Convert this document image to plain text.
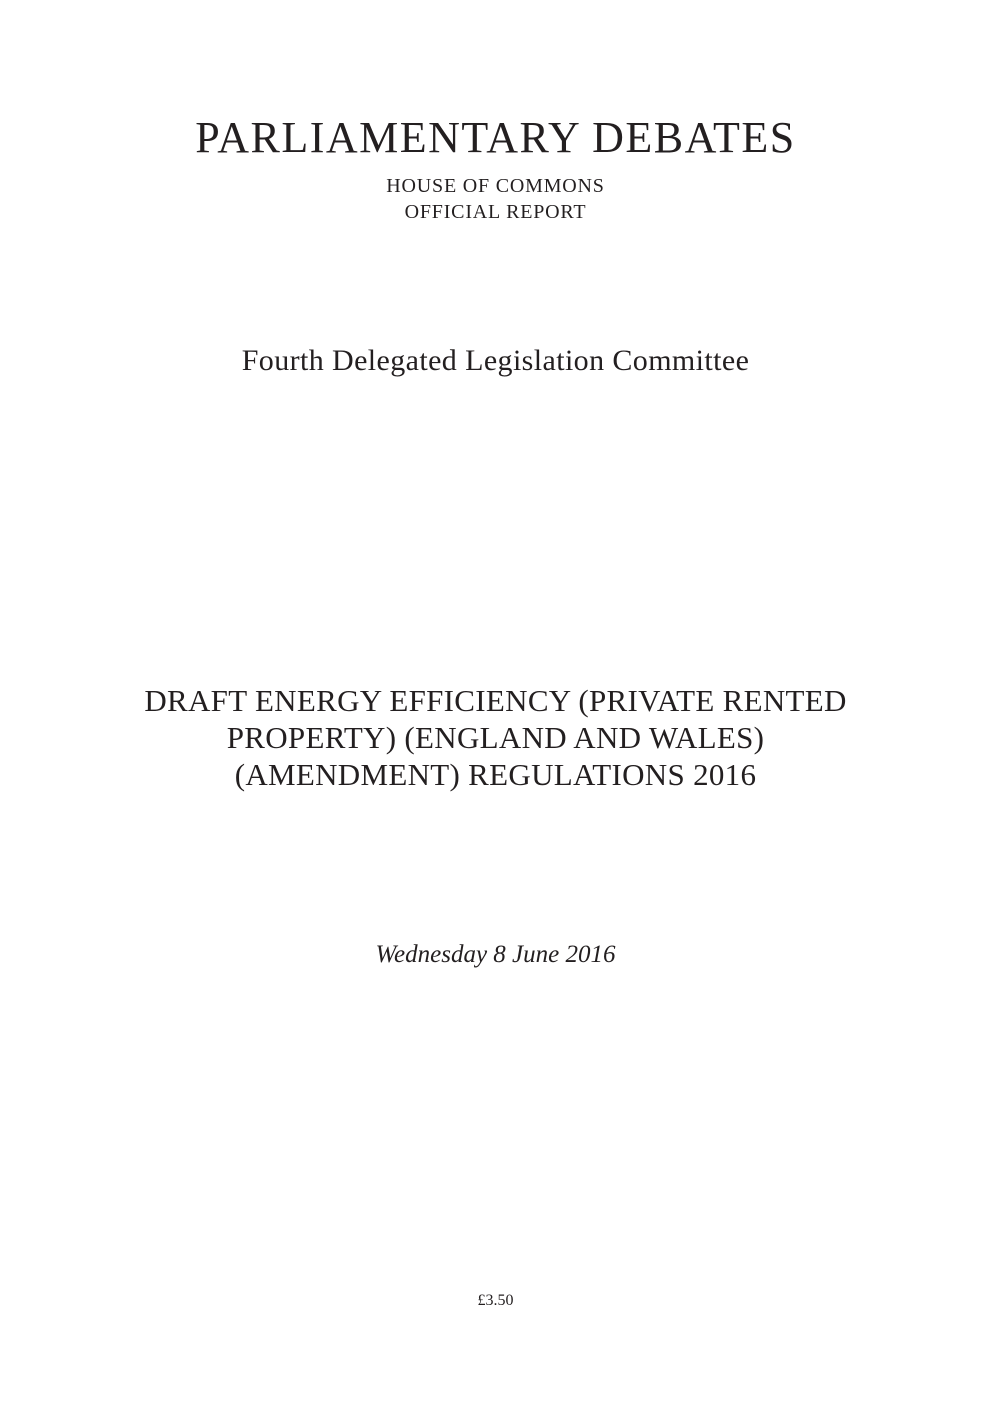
PARLIAMENTARY DEBATES
HOUSE OF COMMONS
OFFICIAL REPORT
Fourth Delegated Legislation Committee
DRAFT ENERGY EFFICIENCY (PRIVATE RENTED
PROPERTY) (ENGLAND AND WALES)
(AMENDMENT) REGULATIONS 2016
Wednesday 8 June 2016
£3.50
